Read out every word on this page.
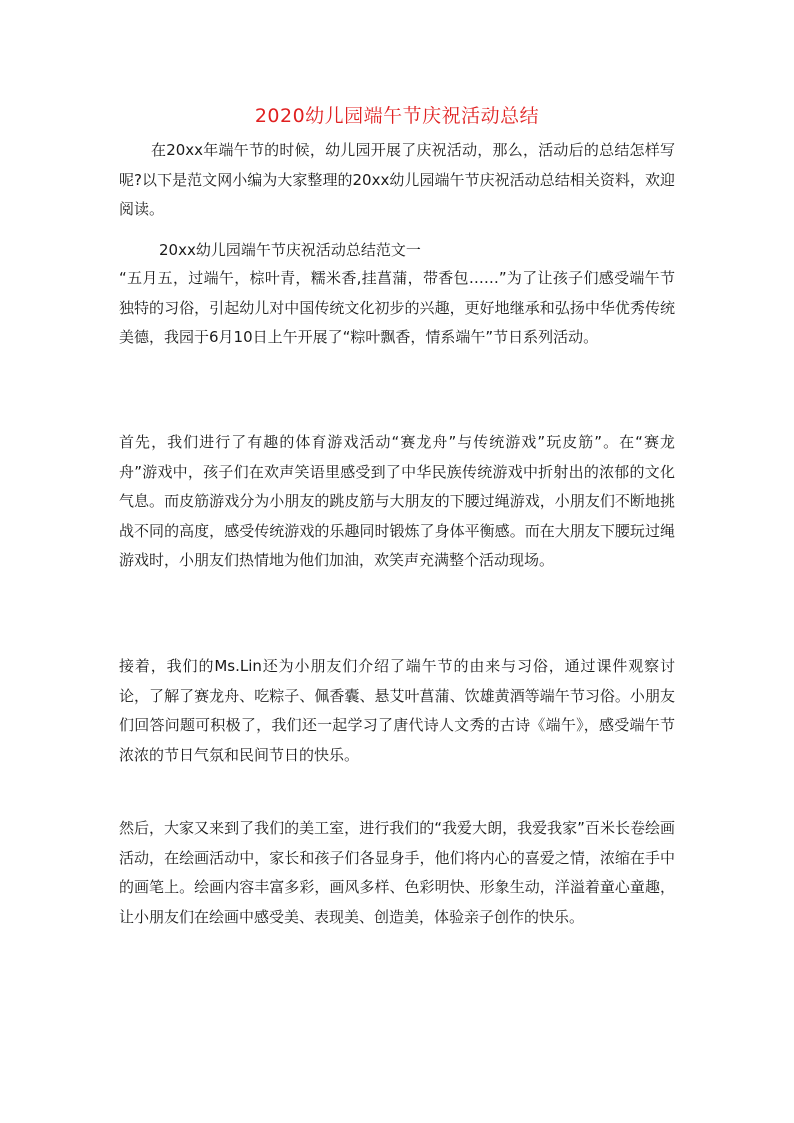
2020幼儿园端午节庆祝活动总结
在20xx年端午节的时候，幼儿园开展了庆祝活动，那么，活动后的总结怎样写呢?以下是范文网小编为大家整理的20xx幼儿园端午节庆祝活动总结相关资料，欢迎阅读。
20xx幼儿园端午节庆祝活动总结范文一
“五月五，过端午，棕叶青，糯米香,挂菖蒲，带香包……”为了让孩子们感受端午节独特的习俗，引起幼儿对中国传统文化初步的兴趣，更好地继承和弘扬中华优秀传统美德，我园于6月10日上午开展了“粽叶飘香，情系端午”节日系列活动。
首先，我们进行了有趣的体育游戏活动“赛龙舟”与传统游戏”玩皮筋”。在“赛龙舟”游戏中，孩子们在欢声笑语里感受到了中华民族传统游戏中折射出的浓郁的文化气息。而皮筋游戏分为小朋友的跳皮筋与大朋友的下腰过绳游戏，小朋友们不断地挑战不同的高度，感受传统游戏的乐趣同时锻炼了身体平衡感。而在大朋友下腰玩过绳游戏时，小朋友们热情地为他们加油，欢笑声充满整个活动现场。
接着，我们的Ms.Lin还为小朋友们介绍了端午节的由来与习俗，通过课件观察讨论，了解了赛龙舟、吃粽子、佩香囊、悬艾叶菖蒲、饮雄黄酒等端午节习俗。小朋友们回答问题可积极了，我们还一起学习了唐代诗人文秀的古诗《端午》，感受端午节浓浓的节日气氛和民间节日的快乐。
然后，大家又来到了我们的美工室，进行我们的“我爱大朗，我爱我家”百米长卷绘画活动，在绘画活动中，家长和孩子们各显身手，他们将内心的喜爱之情，浓缩在手中的画笔上。绘画内容丰富多彩，画风多样、色彩明快、形象生动，洋溢着童心童趣，让小朋友们在绘画中感受美、表现美、创造美，体验亲子创作的快乐。
